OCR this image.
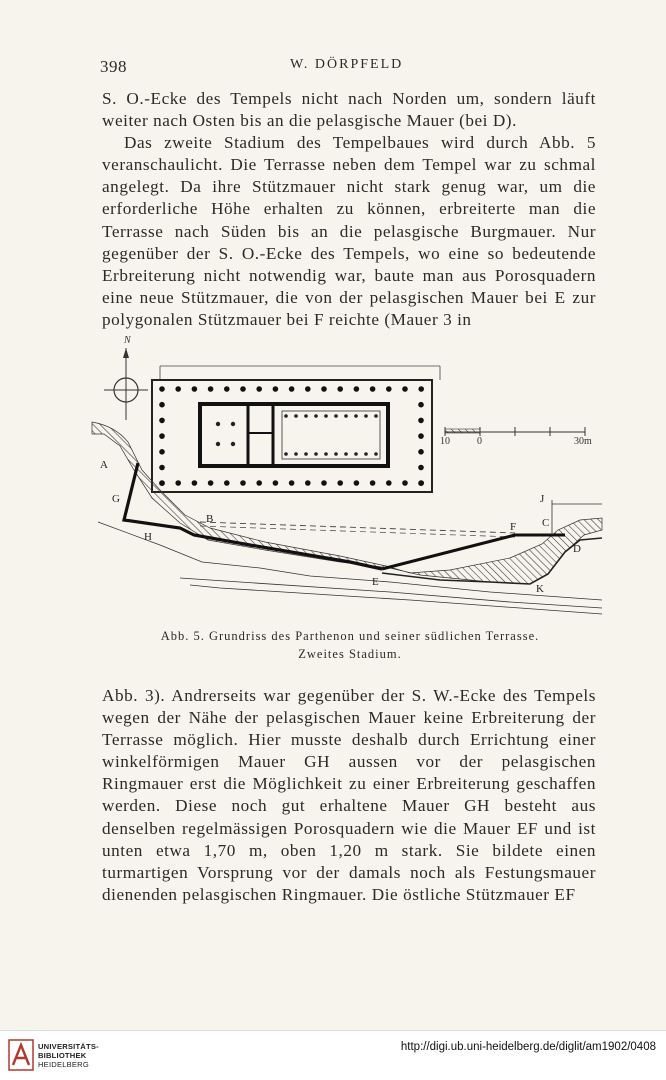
398	W. DÖRPFELD

S. O.-Ecke des Tempels nicht nach Norden um, sondern läuft weiter nach Osten bis an die pelasgische Mauer (bei D).

Das zweite Stadium des Tempelbaues wird durch Abb. 5 veranschaulicht. Die Terrasse neben dem Tempel war zu schmal angelegt. Da ihre Stützmauer nicht stark genug war, um die erforderliche Höhe erhalten zu können, erbreiterte man die Terrasse nach Süden bis an die pelasgische Burgmauer. Nur gegenüber der S. O.-Ecke des Tempels, wo eine so bedeutende Erbreiterung nicht notwendig war, baute man aus Porosquadern eine neue Stützmauer, die von der pelasgischen Mauer bei E zur polygonalen Stützmauer bei F reichte (Mauer 3 in

N
10	0	30m
A
B	C
D
E
F
G
H
J
K
Abb. 5. Grundriss des Parthenon und seiner südlichen Terrasse.
Zweites Stadium.

Abb. 3). Andrerseits war gegenüber der S. W.-Ecke des Tempels wegen der Nähe der pelasgischen Mauer keine Erbreiterung der Terrasse möglich. Hier musste deshalb durch Errichtung einer winkelförmigen Mauer GH aussen vor der pelasgischen Ringmauer erst die Möglichkeit zu einer Erbreiterung geschaffen werden. Diese noch gut erhaltene Mauer GH besteht aus denselben regelmässigen Porosquadern wie die Mauer EF und ist unten etwa 1,70 m, oben 1,20 m stark. Sie bildete einen turmartigen Vorsprung vor der damals noch als Festungsmauer dienenden pelasgischen Ringmauer. Die östliche Stützmauer EF

UNIVERSITÄTS-
BIBLIOTHEK
HEIDELBERG
http://digi.ub.uni-heidelberg.de/diglit/am1902/0408
